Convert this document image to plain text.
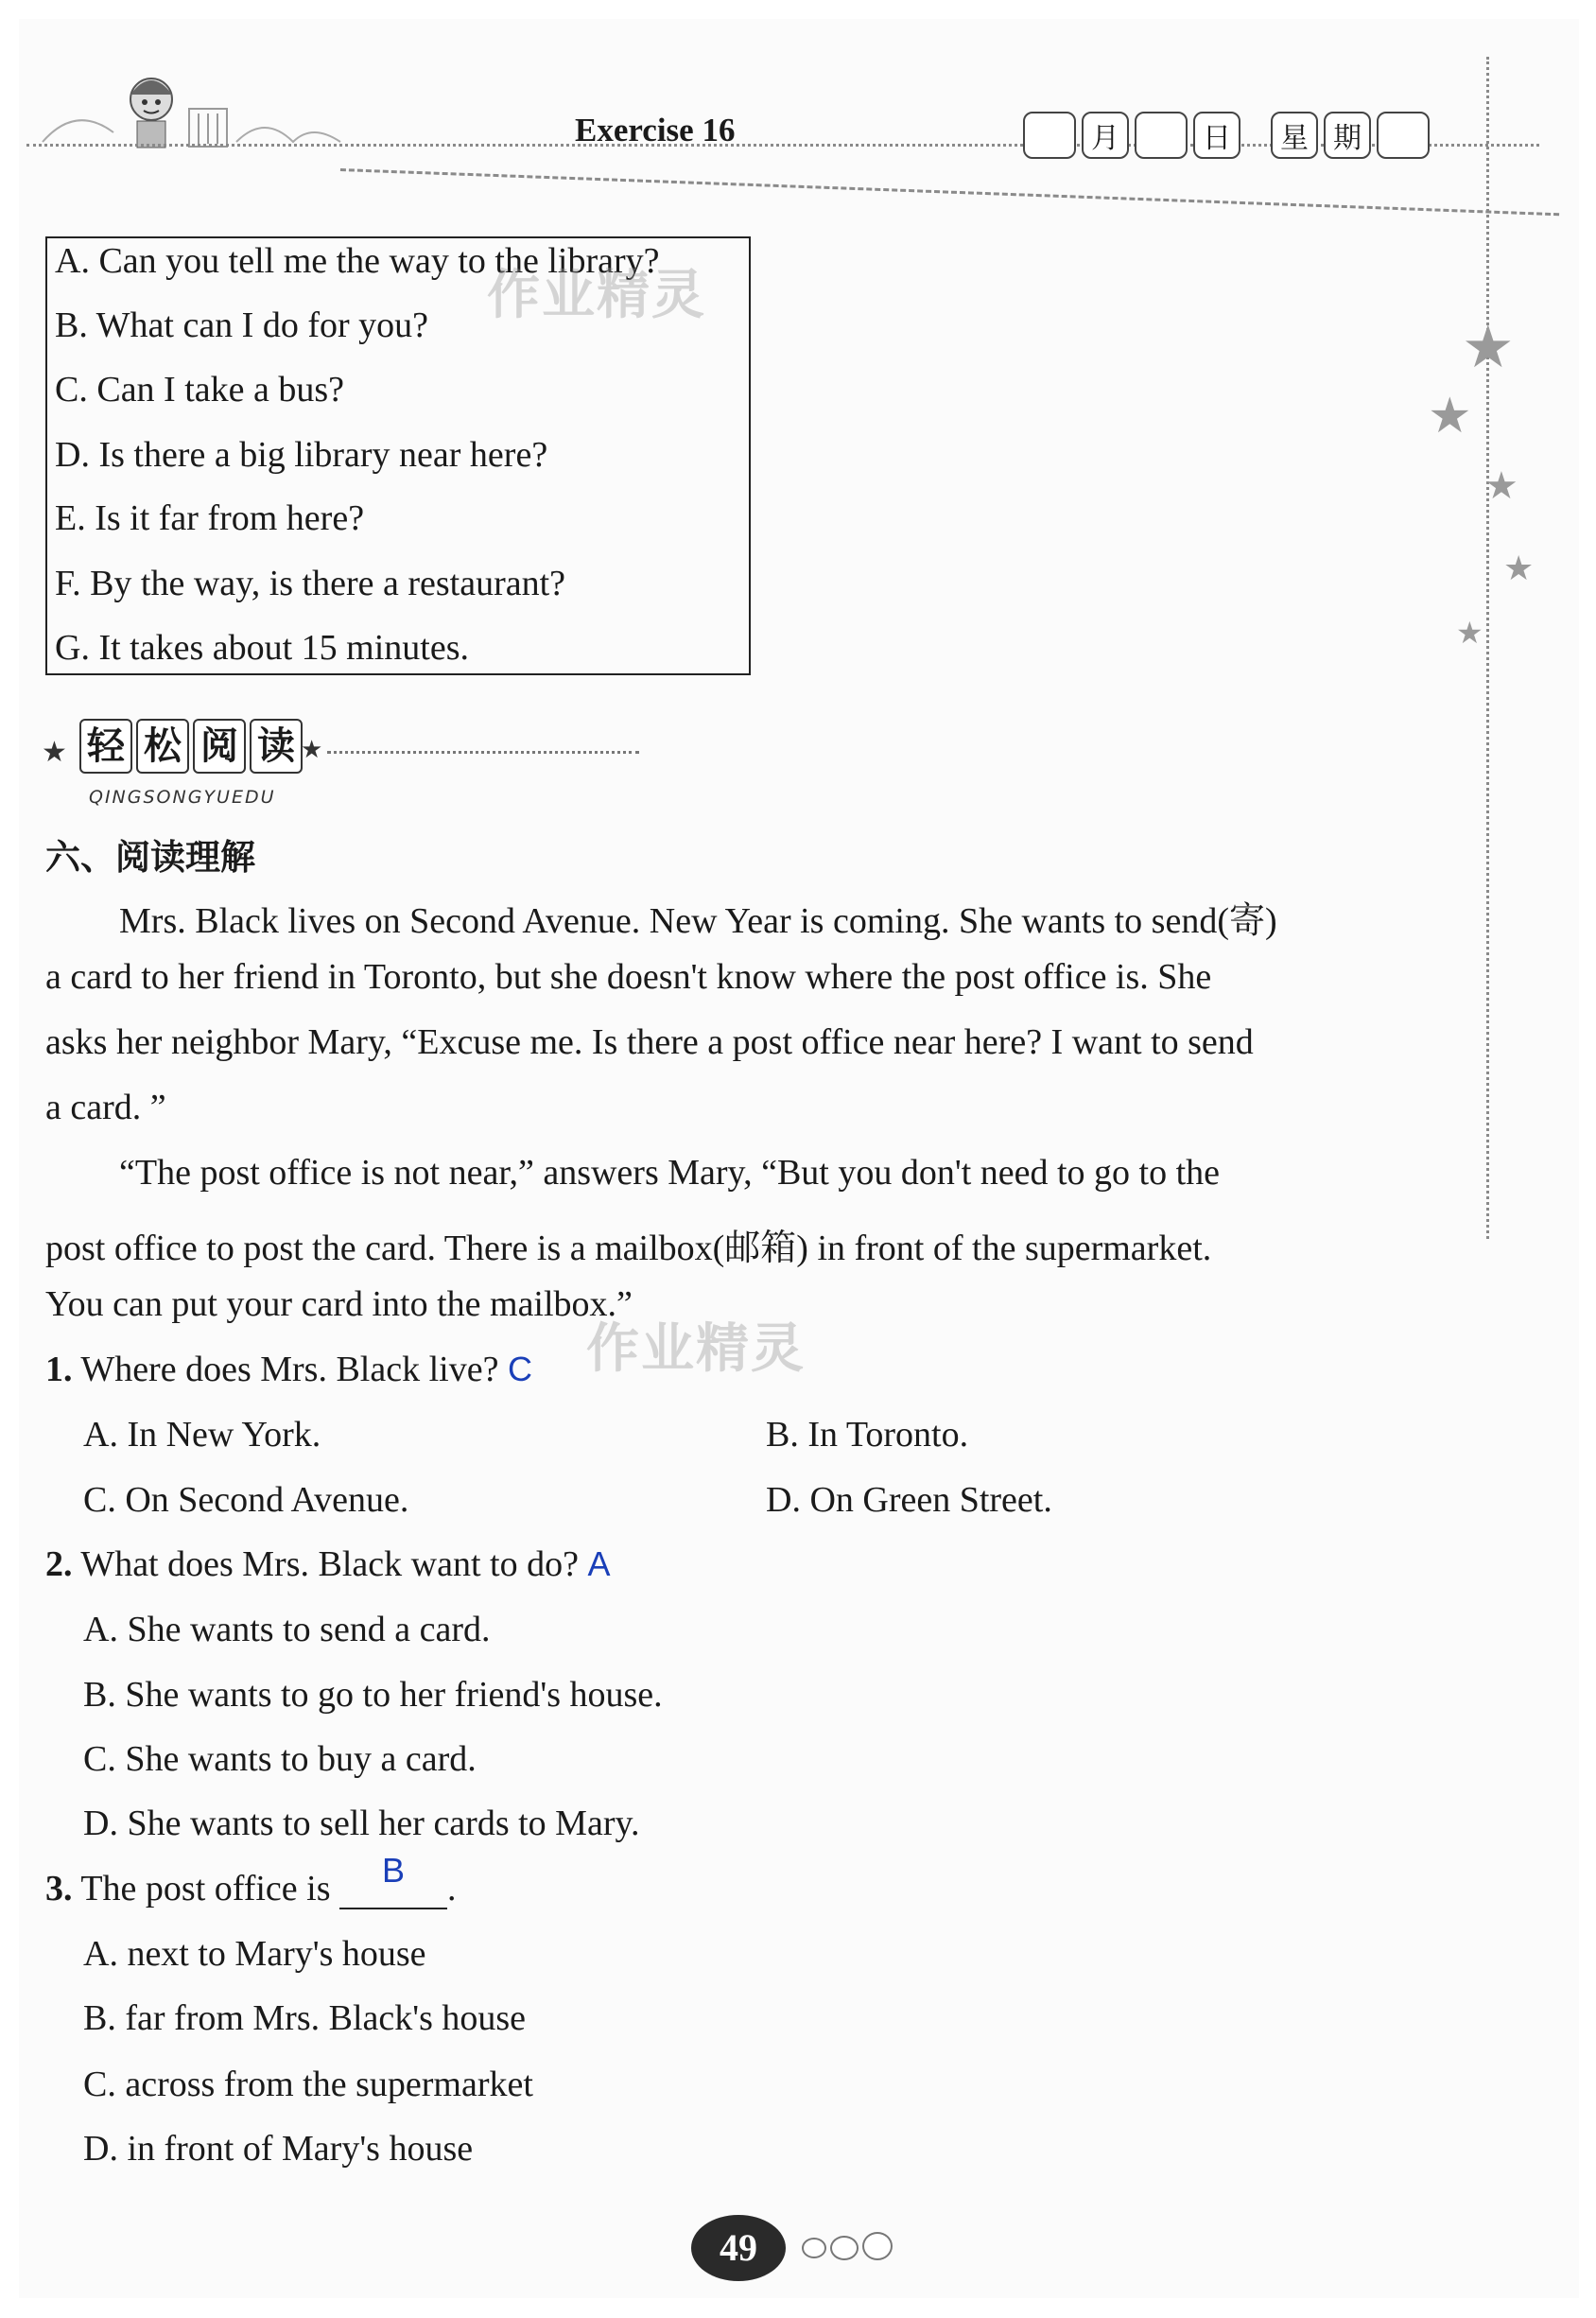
Exercise 16	月	日	星 期
★
★
★
★
★
A. Can you tell me the way to the library?
B. What can I do for you?
C. Can I take a bus?
D. Is there a big library near here?
E. Is it far from here?
F. By the way, is there a restaurant?
G. It takes about 15 minutes.
作业精灵
★ 轻 松 阅 读 ★
QINGSONGYUEDU
六、阅读理解
Mrs. Black lives on Second Avenue. New Year is coming. She wants to send(寄)
a card to her friend in Toronto, but she doesn't know where the post office is. She
asks her neighbor Mary, “Excuse me. Is there a post office near here? I want to send
a card. ”
“The post office is not near,” answers Mary, “But you don't need to go to the
post office to post the card. There is a mailbox(邮箱) in front of the supermarket.
You can put your card into the mailbox.”
作业精灵
1. Where does Mrs. Black live? C
A. In New York.	B. In Toronto.
C. On Second Avenue.	D. On Green Street.
2. What does Mrs. Black want to do? A
A. She wants to send a card.
B. She wants to go to her friend's house.
C. She wants to buy a card.
D. She wants to sell her cards to Mary.
3. The post office is	B	.
A. next to Mary's house
B. far from Mrs. Black's house
C. across from the supermarket
D. in front of Mary's house
49
